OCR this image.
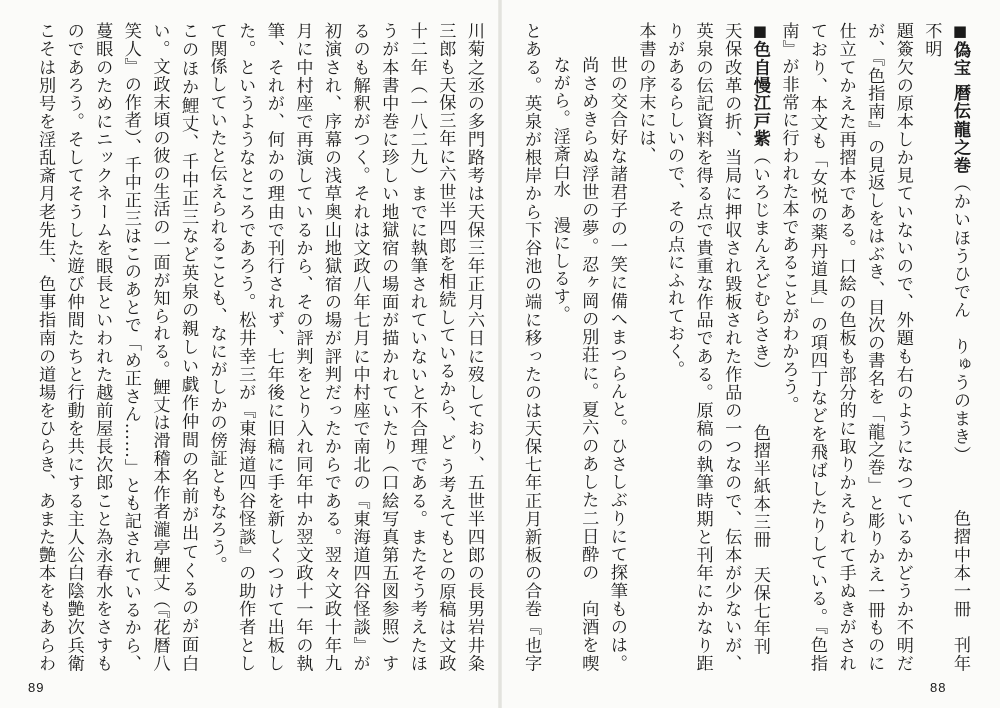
■偽宝 暦伝龍之巻（かいほうひでん　りゅうのまき）　　　色摺中本一冊　刊年不明

題簽欠の原本しか見ていないので、外題も右のようになつているかどうか不明だが、『色指南』の見返しをはぶき、目次の書名を「龍之巻」と彫りかえ一冊ものに仕立てかえた再摺本である。口絵の色板も部分的に取りかえられて手ぬきがされており、本文も「女悦の薬丹道具」の項四丁などを飛ばしたりしている。『色指南』が非常に行われた本であることがわかろう。

■色自慢江戸紫（いろじまんえどむらさき）　　　色摺半紙本三冊　天保七年刊

天保改革の折、当局に押収され毀板された作品の一つなので、伝本が少ないが、英泉の伝記資料を得る点で貴重な作品である。原稿の執筆時期と刊年にかなり距りがあるらしいので、その点にふれておく。

本書の序末には、

世の交合好な諸君子の一笑に備へまつらんと。ひさしぶりにて探筆ものは。尚さめきらぬ浮世の夢。忍ヶ岡の別荘に。夏六のあした二日酔の　向酒を喫ながら。淫斎白水　漫にしるす。

とある。英泉が根岸から下谷池の端に移ったのは天保七年正月新板の合巻『也字

川菊之丞の多門路考は天保三年正月六日に歿しており、五世半四郎の長男岩井粂三郎も天保三年に六世半四郎を相続しているから、ど う考えてもとの原稿は文政十二年（一八二九）までに執筆されていないと不合理である。またそう考えたほうが本書中巻に珍しい地獄宿の場面が描かれていたり（口絵写真第五図参照）するのも解釈がつく。それは文政八年七月に中村座で南北の『東海道四谷怪談』が初演され、序幕の浅草奥山地獄宿の場が評判だったからである。翌々文政十年九月に中村座で再演しているから、その評判をとり入れ同年中か翌文政十一年の執筆、それが、何かの理由で刊行されず、七年後に旧稿に手を新しくつけて出板した。というようなところであろう。松井幸三が『東海道四谷怪談』の助作者として関係していたと伝えられることも、なにがしかの傍証ともなろう。

このほか鯉丈、千中正三など英泉の親しい戯作仲間の名前が出てくるのが面白い。文政末頃の彼の生活の一面が知られる。鯉丈は滑稽本作者瀧亭鯉丈（『花暦八笑人』の作者）、千中正三はこのあとで「め正さん……」とも記されているから、蔓眼のためにニックネームを眼長といわれた越前屋長次郎こと為永春水をさすものであろう。そしてそうした遊び仲間たちと行動を共にする主人公白陰艶次兵衛こそは別号を淫乱斎月老先生、色事指南の道場をひらき、あまた艶本をもあらわ

89	88
